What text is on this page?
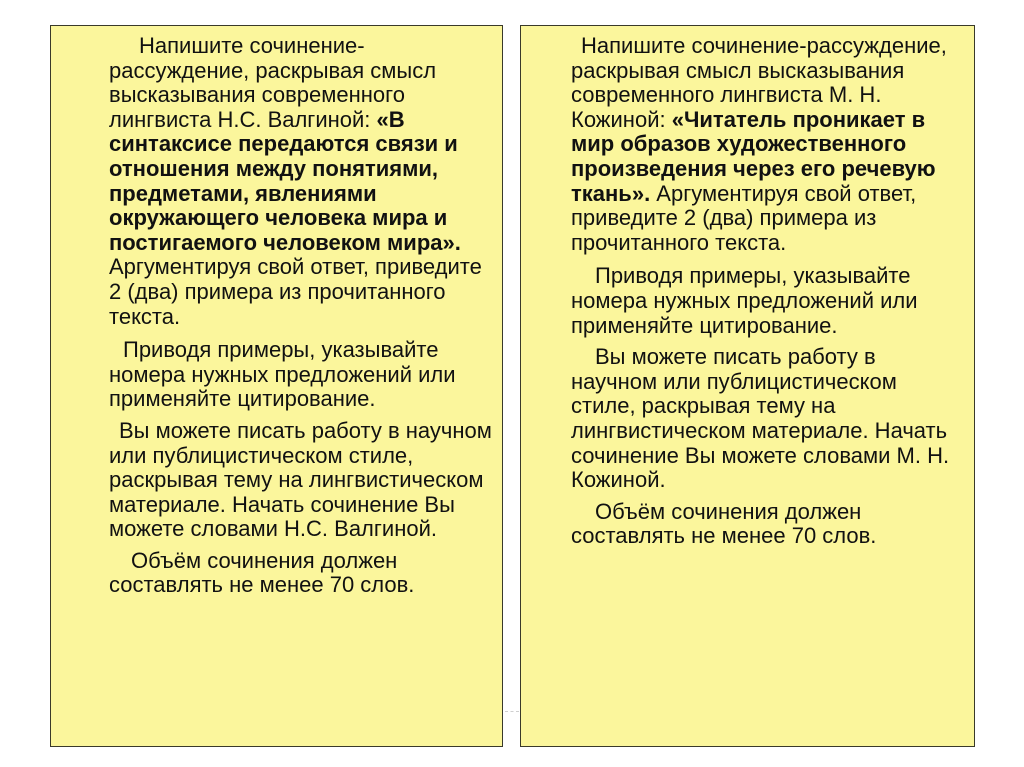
Напишите сочинение-рассуждение, раскрывая смысл высказывания современного лингвиста Н.С. Валгиной: «В синтаксисе передаются связи и отношения между понятиями, предметами, явлениями окружающего человека мира и постигаемого человеком мира». Аргументируя свой ответ, приведите 2 (два) примера из прочитанного текста.

Приводя примеры, указывайте номера нужных предложений или применяйте цитирование.

Вы можете писать работу в научном или публицистическом стиле, раскрывая тему на лингвистическом материале. Начать сочинение Вы можете словами Н.С. Валгиной.

Объём сочинения должен составлять не менее 70 слов.

Напишите сочинение-рассуждение, раскрывая смысл высказывания современного лингвиста М. Н. Кожиной: «Читатель проникает в мир образов художественного произведения через его речевую ткань». Аргументируя свой ответ, приведите 2 (два) примера из прочитанного текста.

Приводя примеры, указывайте номера нужных предложений или применяйте цитирование.

Вы можете писать работу в научном или публицистическом стиле, раскрывая тему на лингвистическом материале. Начать сочинение Вы можете словами М. Н. Кожиной.

Объём сочинения должен составлять не менее 70 слов.
